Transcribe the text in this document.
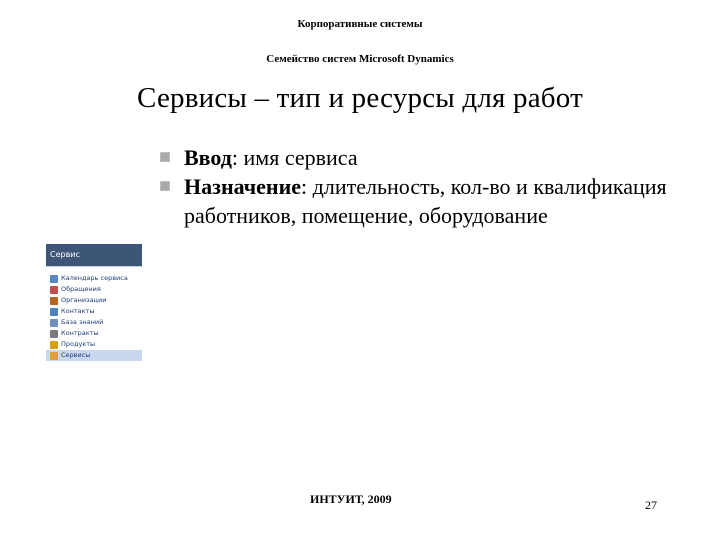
Корпоративные системы
Семейство систем Microsoft Dynamics
Сервисы – тип и ресурсы для работ
Ввод: имя сервиса
Назначение: длительность, кол-во и квалификация работников, помещение, оборудование
Сервис
Календарь сервиса
Обращения
Организации
Контакты
База знаний
Контракты
Продукты
Сервисы
ИНТУИТ, 2009	27
